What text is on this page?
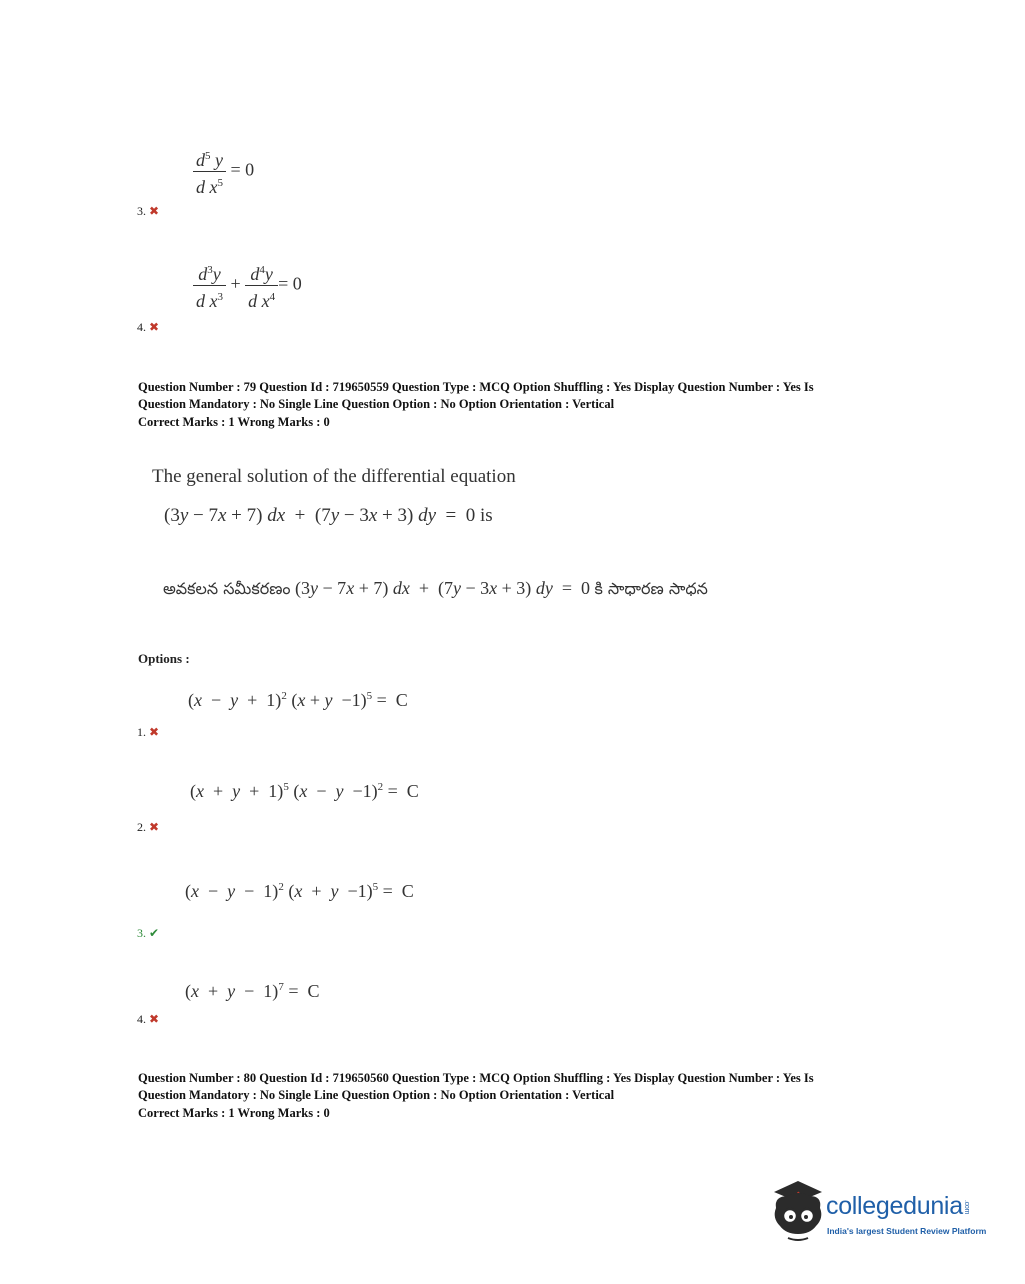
$\frac{d^5 y}{d x^5} = 0$
3. ✖
$\frac{d^3y}{d x^3} + \frac{d^4y}{d x^4} = 0$
4. ✖
Question Number : 79 Question Id : 719650559 Question Type : MCQ Option Shuffling : Yes Display Question Number : Yes Is
Question Mandatory : No Single Line Question Option : No Option Orientation : Vertical
Correct Marks : 1 Wrong Marks : 0
The general solution of the differential equation
(3y − 7x + 7) dx  +  (7y − 3x + 3) dy  =  0 is
అవకలన సమీకరణం (3y − 7x + 7) dx  +  (7y − 3x + 3) dy  =  0 కి సాధారణ సాధన
Options :
$(x - y + 1)^2$ $(x + y -1)^5 = C$
1. ✖
$(x + y + 1)^5$ $(x - y -1)^2 = C$
2. ✖
$(x - y - 1)^2$ $(x + y -1)^5 = C$
3. ✔
$(x + y - 1)^7 = C$
4. ✖
Question Number : 80 Question Id : 719650560 Question Type : MCQ Option Shuffling : Yes Display Question Number : Yes Is
Question Mandatory : No Single Line Question Option : No Option Orientation : Vertical
Correct Marks : 1 Wrong Marks : 0
collegedunia.com
India's largest Student Review Platform
